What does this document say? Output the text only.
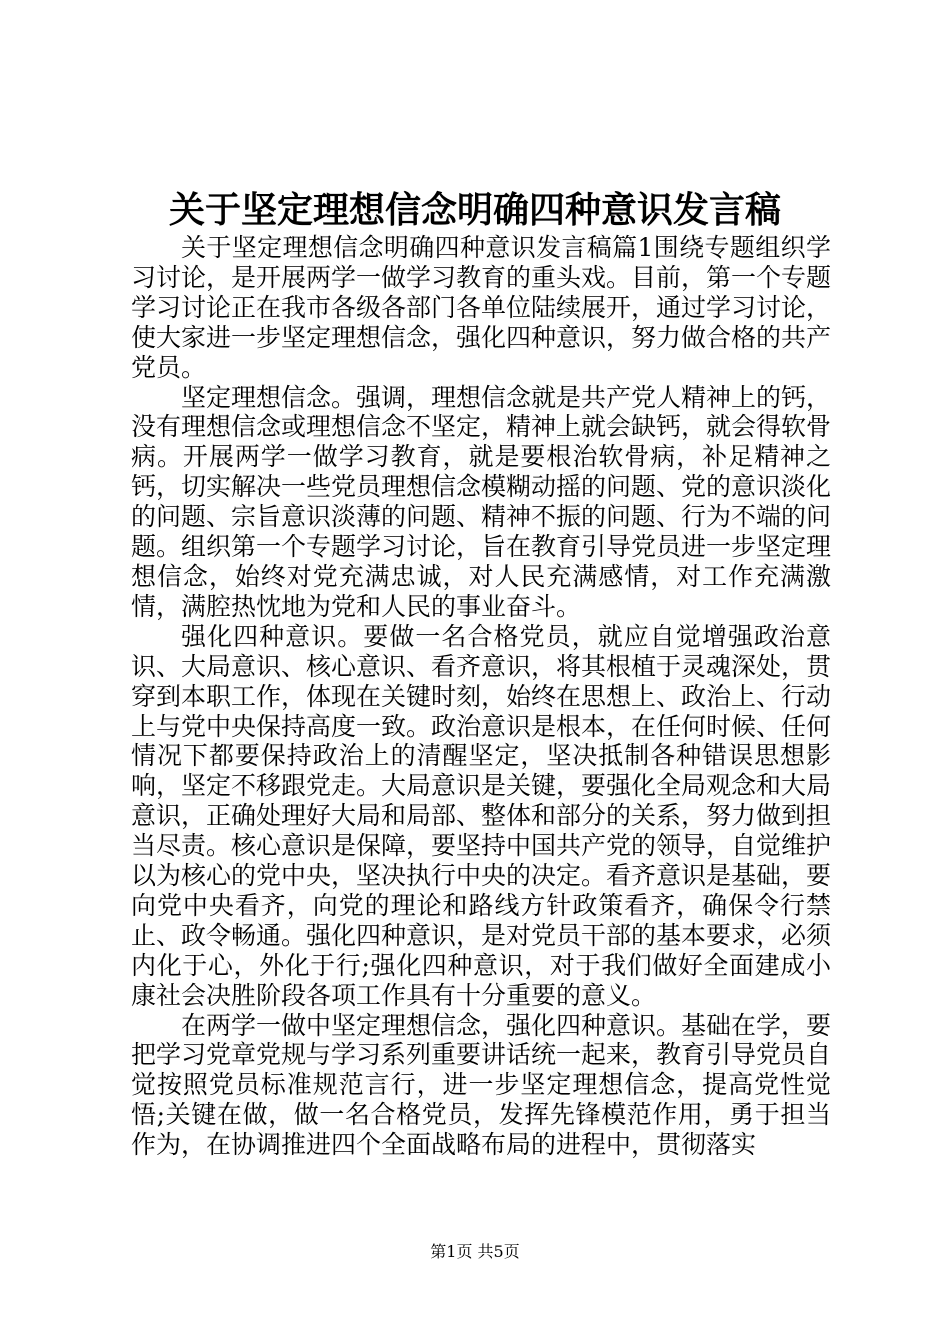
关于坚定理想信念明确四种意识发言稿

关于坚定理想信念明确四种意识发言稿篇1围绕专题组织学习讨论，是开展两学一做学习教育的重头戏。目前，第一个专题学习讨论正在我市各级各部门各单位陆续展开，通过学习讨论，使大家进一步坚定理想信念，强化四种意识，努力做合格的共产党员。

坚定理想信念。强调，理想信念就是共产党人精神上的钙，没有理想信念或理想信念不坚定，精神上就会缺钙，就会得软骨病。开展两学一做学习教育，就是要根治软骨病，补足精神之钙，切实解决一些党员理想信念模糊动摇的问题、党的意识淡化的问题、宗旨意识淡薄的问题、精神不振的问题、行为不端的问题。组织第一个专题学习讨论，旨在教育引导党员进一步坚定理想信念，始终对党充满忠诚，对人民充满感情，对工作充满激情，满腔热忱地为党和人民的事业奋斗。

强化四种意识。要做一名合格党员，就应自觉增强政治意识、大局意识、核心意识、看齐意识，将其根植于灵魂深处，贯穿到本职工作，体现在关键时刻，始终在思想上、政治上、行动上与党中央保持高度一致。政治意识是根本，在任何时候、任何情况下都要保持政治上的清醒坚定，坚决抵制各种错误思想影响，坚定不移跟党走。大局意识是关键，要强化全局观念和大局意识，正确处理好大局和局部、整体和部分的关系，努力做到担当尽责。核心意识是保障，要坚持中国共产党的领导，自觉维护以为核心的党中央，坚决执行中央的决定。看齐意识是基础，要向党中央看齐，向党的理论和路线方针政策看齐，确保令行禁止、政令畅通。强化四种意识，是对党员干部的基本要求，必须内化于心，外化于行;强化四种意识，对于我们做好全面建成小康社会决胜阶段各项工作具有十分重要的意义。

在两学一做中坚定理想信念，强化四种意识。基础在学，要把学习党章党规与学习系列重要讲话统一起来，教育引导党员自觉按照党员标准规范言行，进一步坚定理想信念，提高党性觉悟;关键在做，做一名合格党员，发挥先锋模范作用，勇于担当作为，在协调推进四个全面战略布局的进程中，贯彻落实

第1页 共5页
